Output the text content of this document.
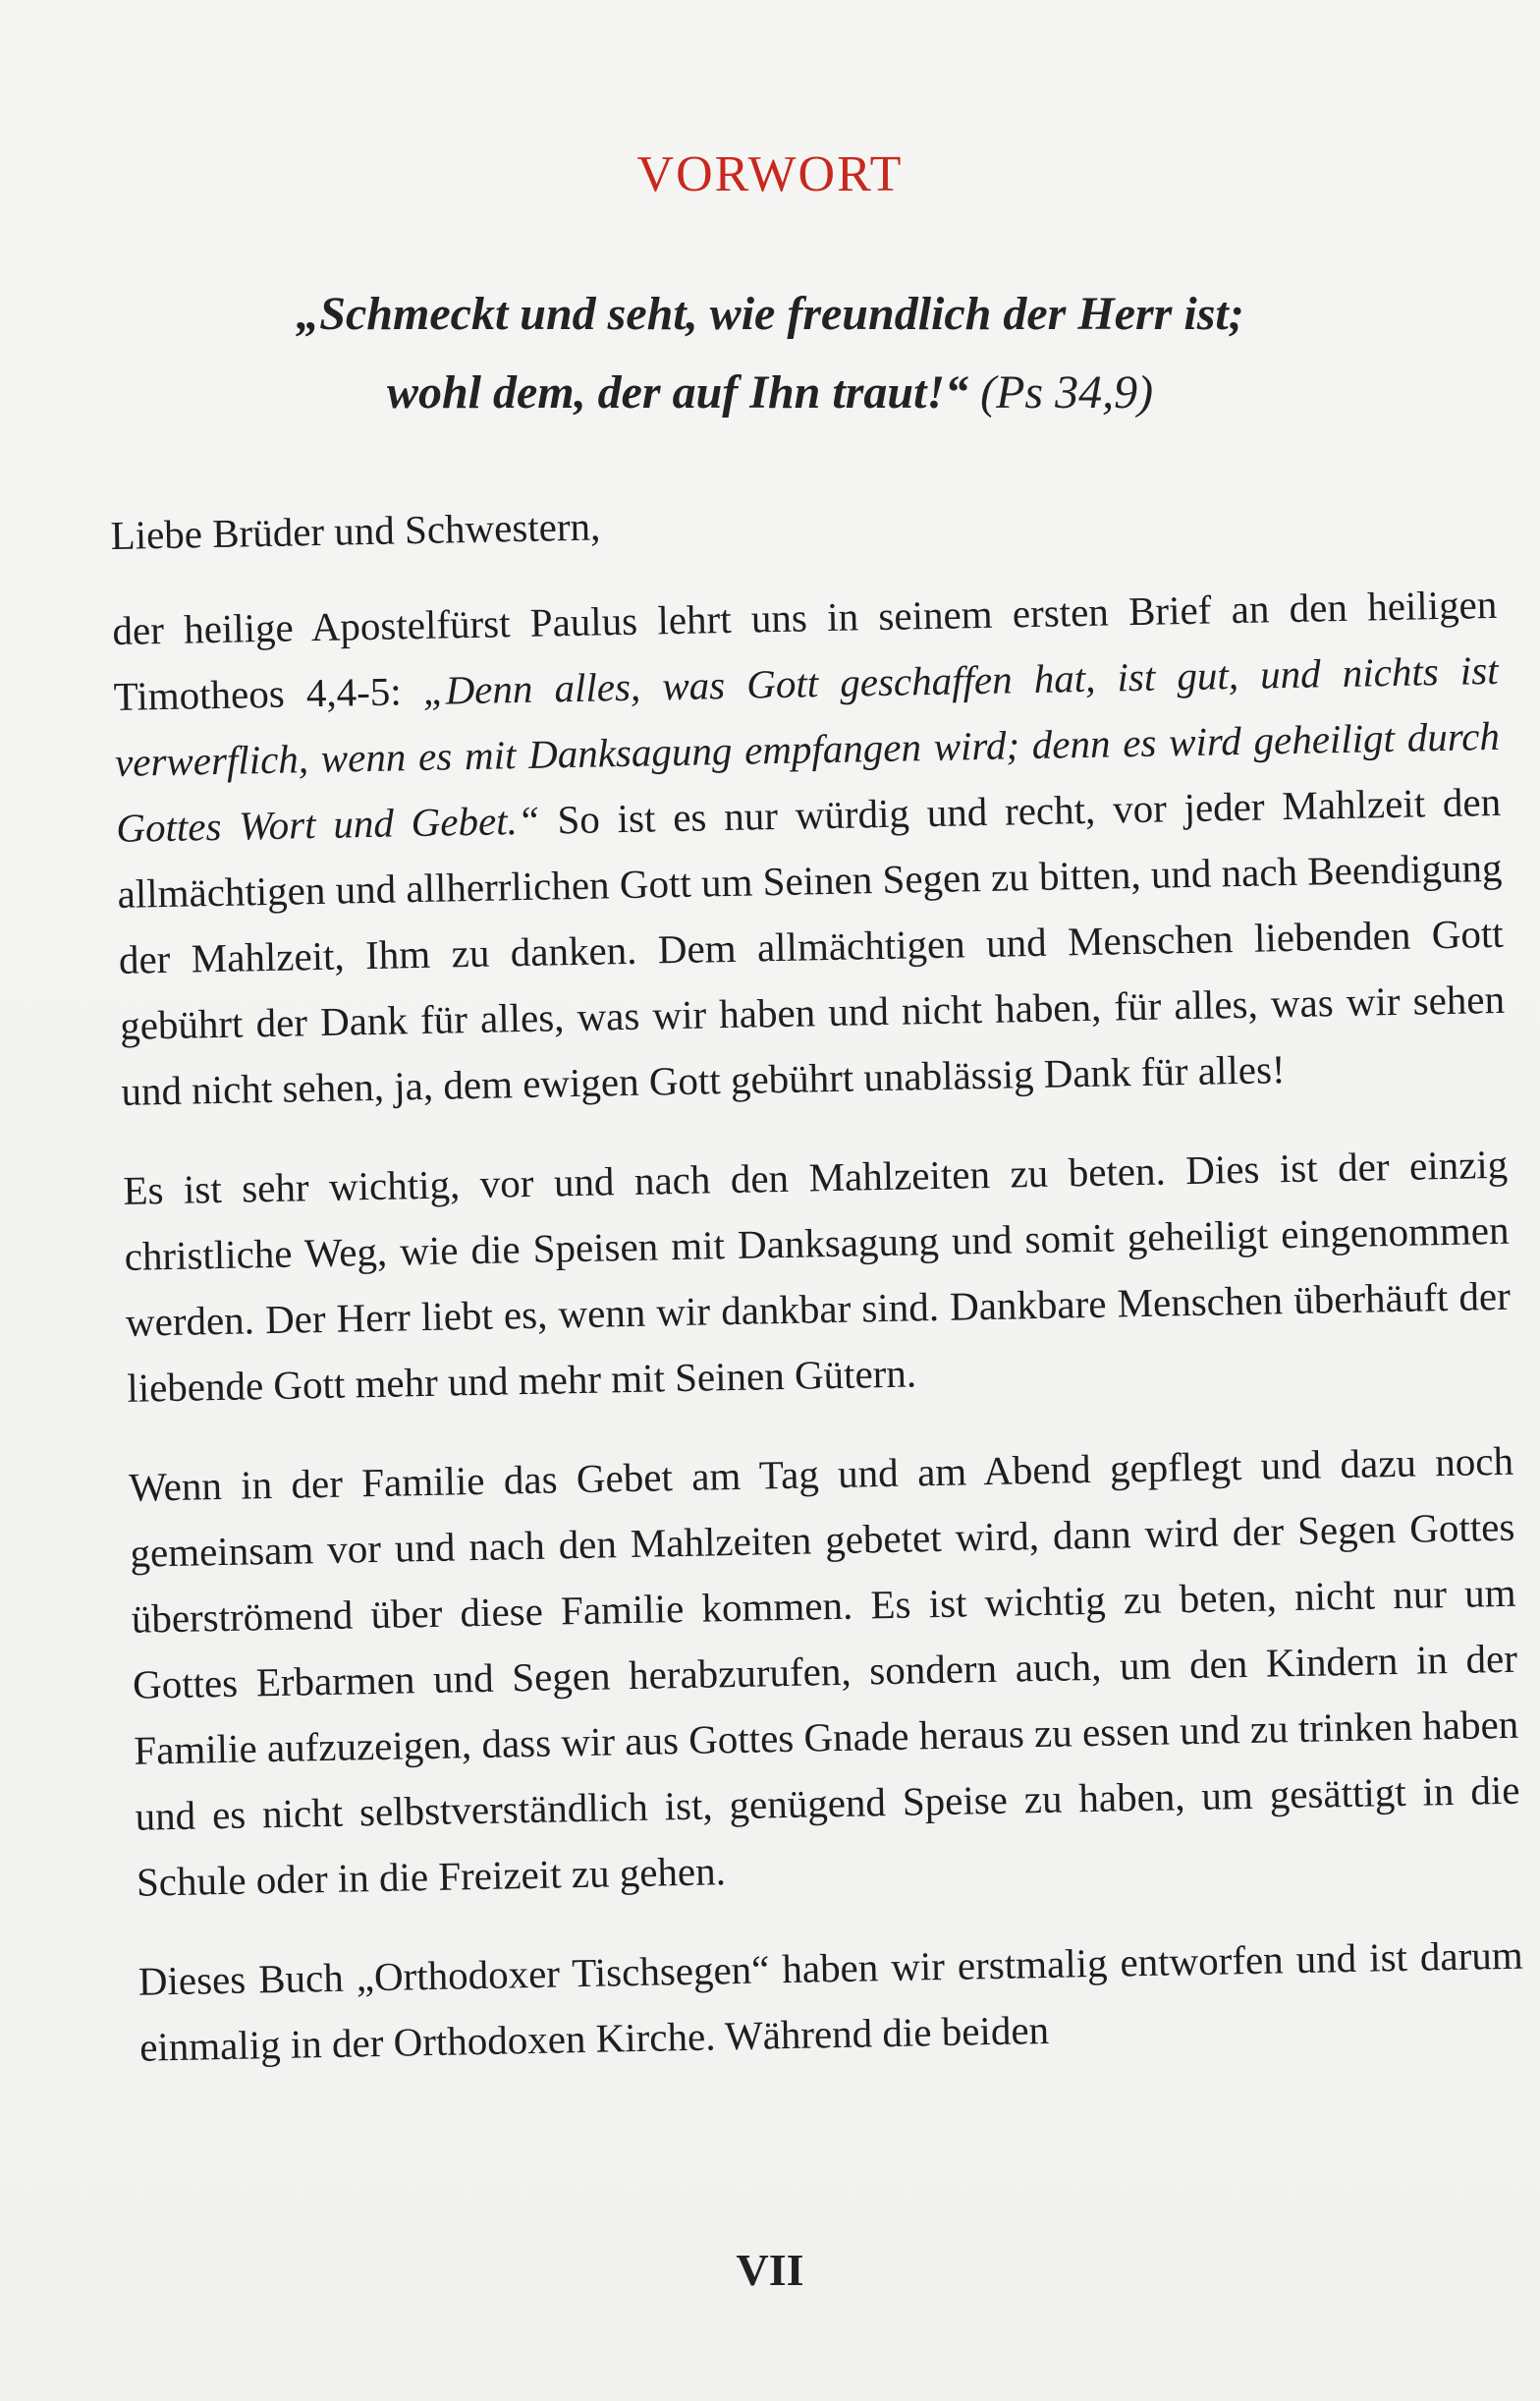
VORWORT
„Schmeckt und seht, wie freundlich der Herr ist;
wohl dem, der auf Ihn traut!“ (Ps 34,9)

Liebe Brüder und Schwestern,

der heilige Apostelfürst Paulus lehrt uns in seinem ersten Brief an den heiligen Timotheos 4,4-5: „Denn alles, was Gott geschaffen hat, ist gut, und nichts ist verwerflich, wenn es mit Danksagung empfangen wird; denn es wird geheiligt durch Gottes Wort und Gebet.“ So ist es nur würdig und recht, vor jeder Mahlzeit den allmächtigen und allherrlichen Gott um Seinen Segen zu bitten, und nach Beendigung der Mahlzeit, Ihm zu danken. Dem allmächtigen und Menschen liebenden Gott gebührt der Dank für alles, was wir haben und nicht haben, für alles, was wir sehen und nicht sehen, ja, dem ewigen Gott gebührt unablässig Dank für alles!

Es ist sehr wichtig, vor und nach den Mahlzeiten zu beten. Dies ist der einzig christliche Weg, wie die Speisen mit Danksagung und somit geheiligt eingenommen werden. Der Herr liebt es, wenn wir dankbar sind. Dankbare Menschen überhäuft der liebende Gott mehr und mehr mit Seinen Gütern.

Wenn in der Familie das Gebet am Tag und am Abend gepflegt und dazu noch gemeinsam vor und nach den Mahlzeiten gebetet wird, dann wird der Segen Gottes überströmend über diese Familie kommen. Es ist wichtig zu beten, nicht nur um Gottes Erbarmen und Segen herabzurufen, sondern auch, um den Kindern in der Familie aufzuzeigen, dass wir aus Gottes Gnade heraus zu essen und zu trinken haben und es nicht selbstverständlich ist, genügend Speise zu haben, um gesättigt in die Schule oder in die Freizeit zu gehen.

Dieses Buch „Orthodoxer Tischsegen“ haben wir erstmalig entworfen und ist darum einmalig in der Orthodoxen Kirche. Während die beiden

VII
